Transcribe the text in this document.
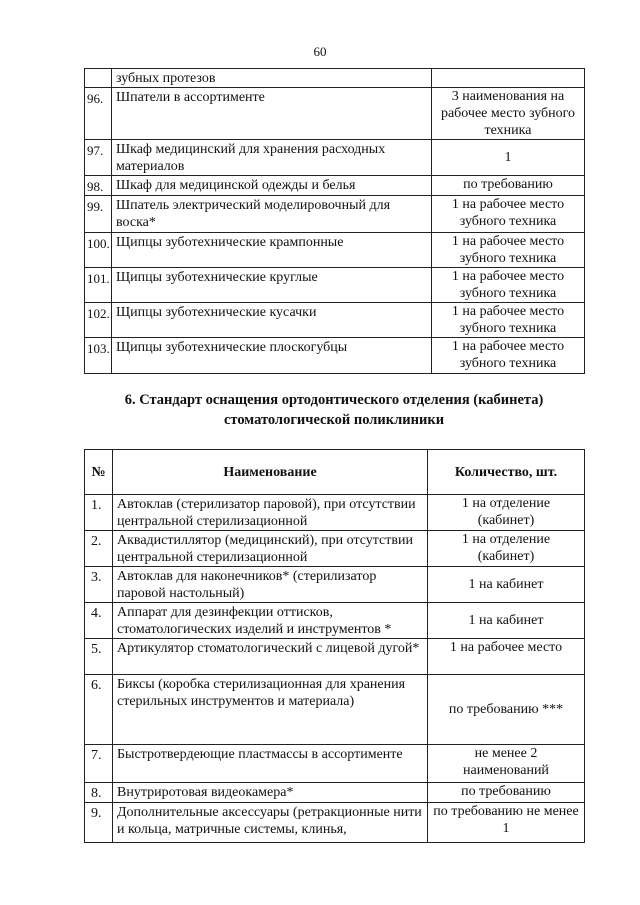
60
	зубных протезов	
96.	Шпатели в ассортименте	3 наименования на рабочее место зубного техника
97.	Шкаф медицинский для хранения расходных материалов	1
98.	Шкаф для медицинской одежды и белья	по требованию
99.	Шпатель электрический моделировочный для воска*	1 на рабочее место зубного техника
100.	Щипцы зуботехнические крампонные	1 на рабочее место зубного техника
101.	Щипцы зуботехнические круглые	1 на рабочее место зубного техника
102.	Щипцы зуботехнические кусачки	1 на рабочее место зубного техника
103.	Щипцы зуботехнические плоскогубцы	1 на рабочее место зубного техника
6. Стандарт оснащения ортодонтического отделения (кабинета)
стоматологической поликлиники
№	Наименование	Количество, шт.
1.	Автоклав (стерилизатор паровой), при отсутствии центральной стерилизационной	1 на отделение (кабинет)
2.	Аквадистиллятор (медицинский), при отсутствии центральной стерилизационной	1 на отделение (кабинет)
3.	Автоклав для наконечников* (стерилизатор паровой настольный)	1 на кабинет
4.	Аппарат для дезинфекции оттисков, стоматологических изделий и инструментов *	1 на кабинет
5.	Артикулятор стоматологический с лицевой дугой*	1 на рабочее место
6.	Биксы (коробка стерилизационная для хранения стерильных инструментов и материала)	по требованию ***
7.	Быстротвердеющие пластмассы в ассортименте	не менее 2 наименований
8.	Внутриротовая видеокамера*	по требованию
9.	Дополнительные аксессуары (ретракционные нити и кольца, матричные системы, клинья,	по требованию не менее 1
